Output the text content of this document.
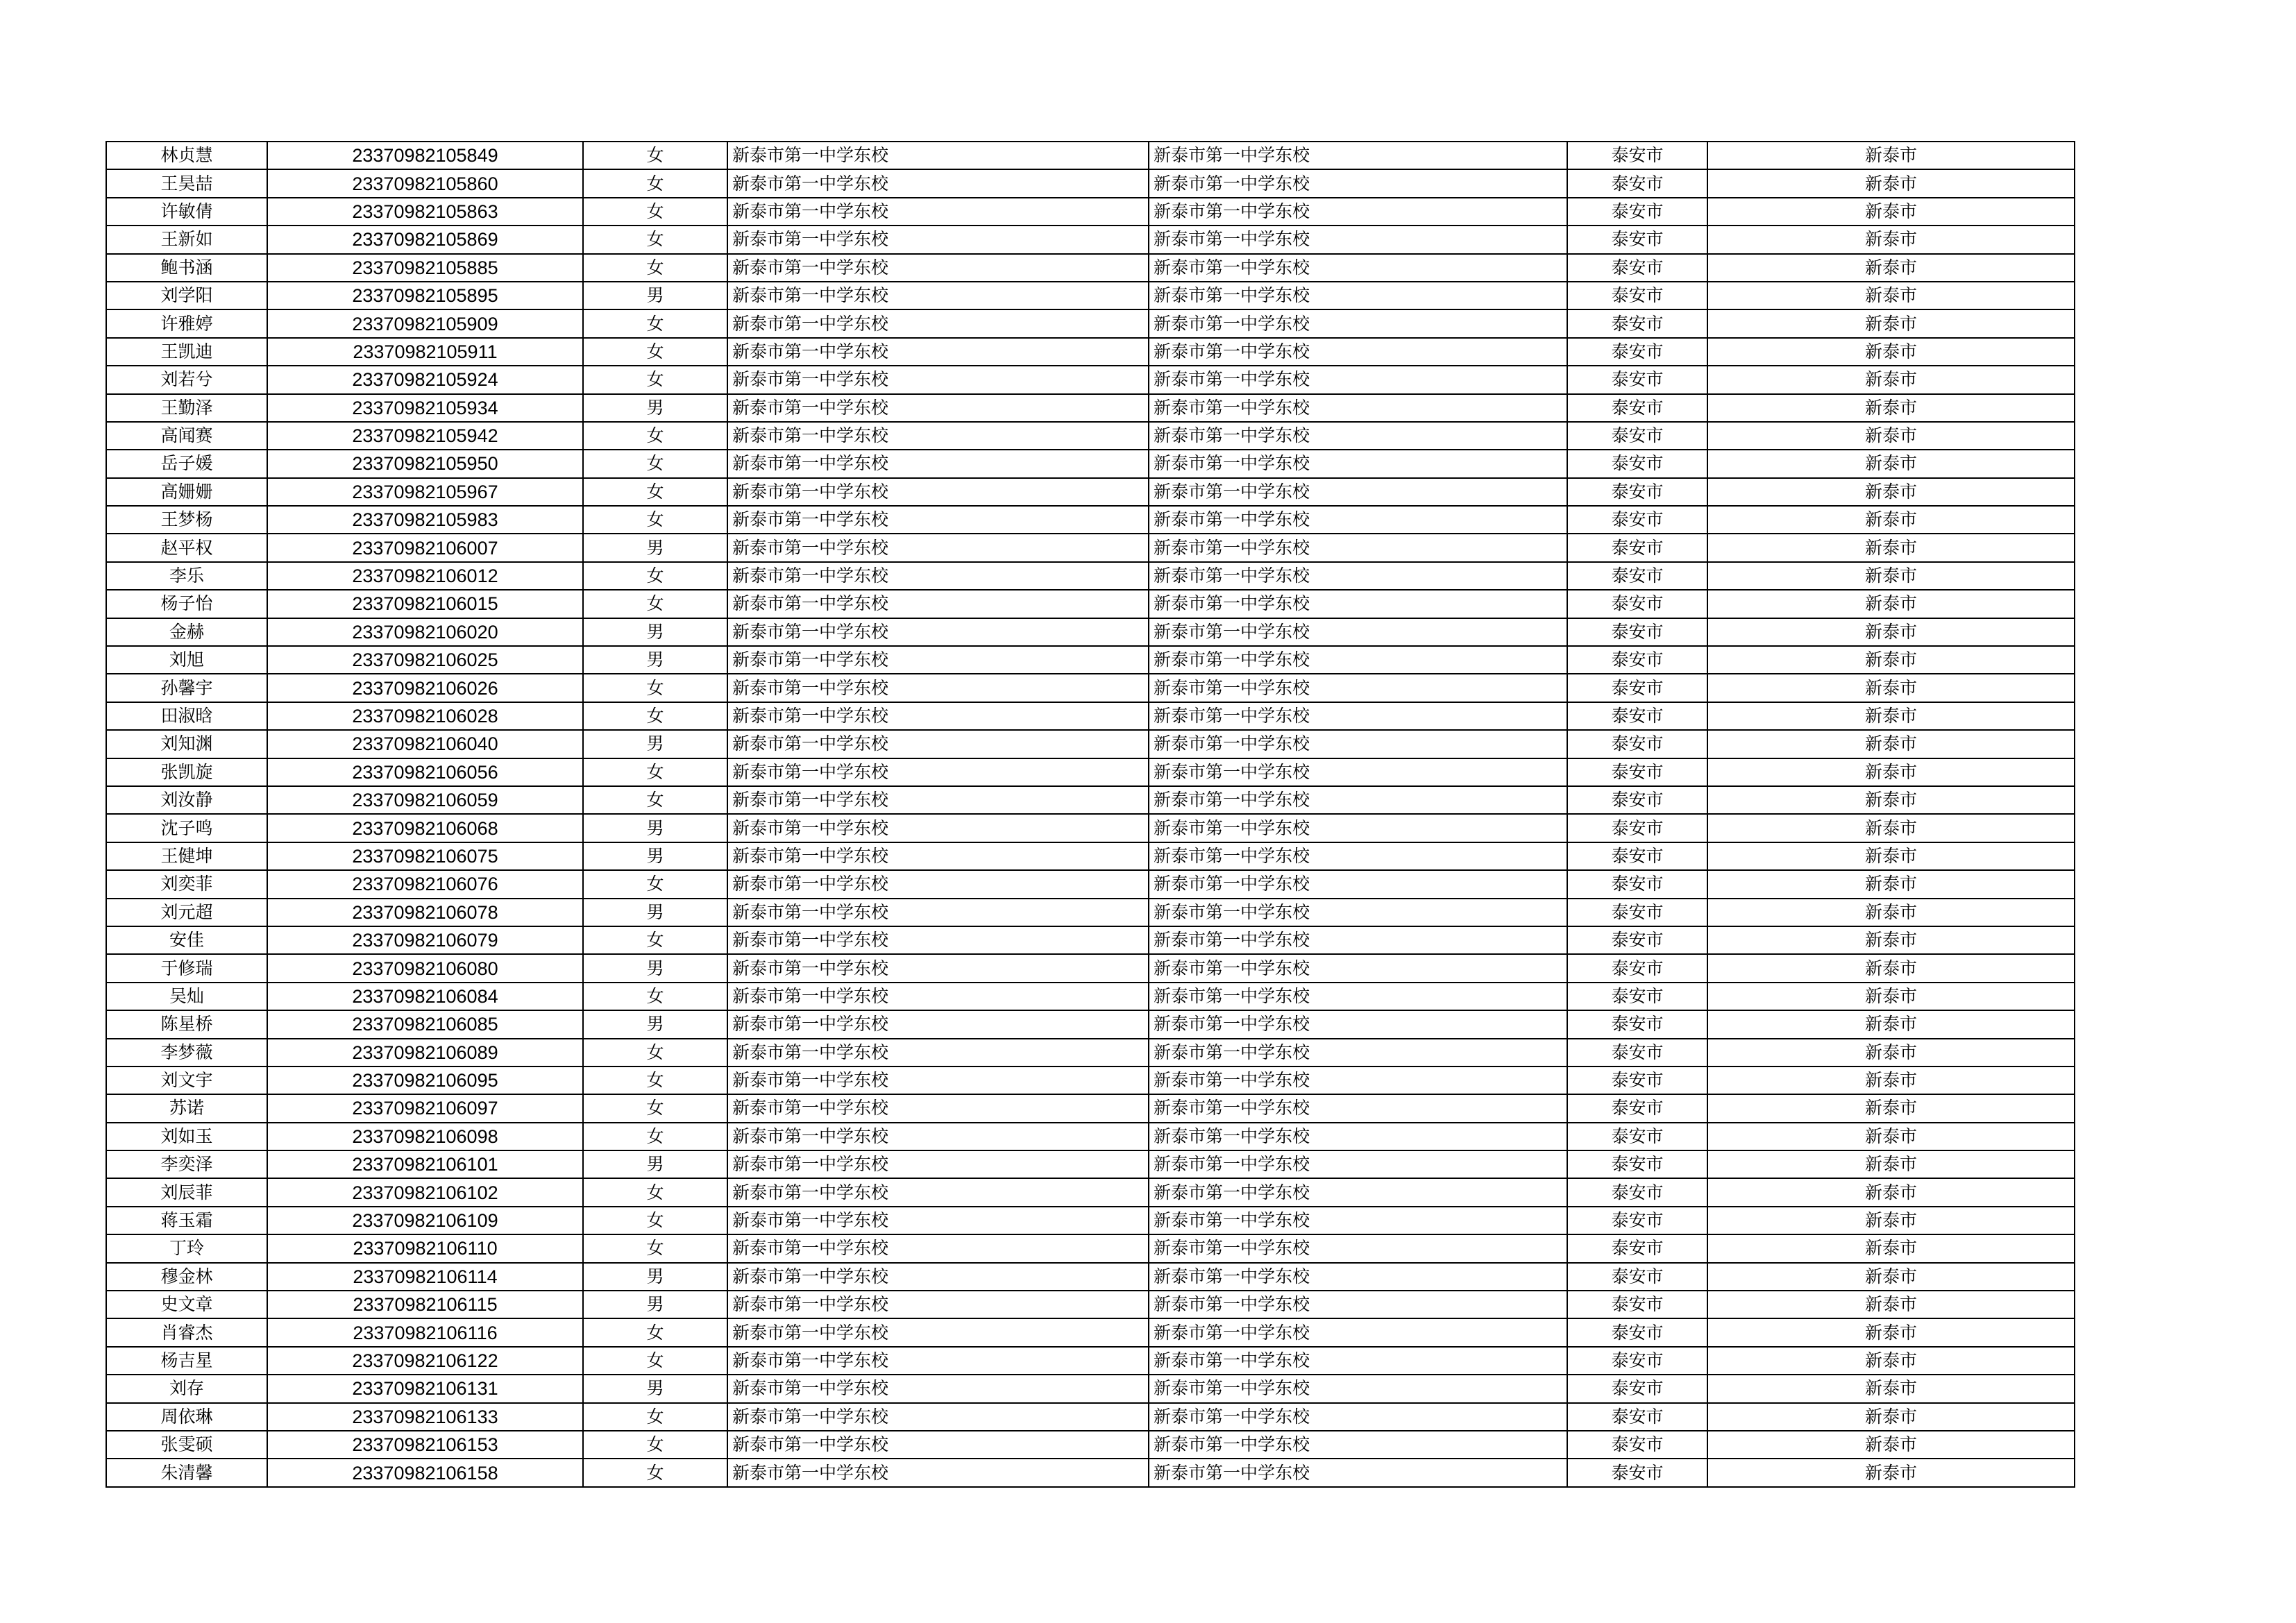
林贞慧	23370982105849	女	新泰市第一中学东校	新泰市第一中学东校	泰安市	新泰市
王昊喆	23370982105860	女	新泰市第一中学东校	新泰市第一中学东校	泰安市	新泰市
许敏倩	23370982105863	女	新泰市第一中学东校	新泰市第一中学东校	泰安市	新泰市
王新如	23370982105869	女	新泰市第一中学东校	新泰市第一中学东校	泰安市	新泰市
鲍书涵	23370982105885	女	新泰市第一中学东校	新泰市第一中学东校	泰安市	新泰市
刘学阳	23370982105895	男	新泰市第一中学东校	新泰市第一中学东校	泰安市	新泰市
许雅婷	23370982105909	女	新泰市第一中学东校	新泰市第一中学东校	泰安市	新泰市
王凯迪	23370982105911	女	新泰市第一中学东校	新泰市第一中学东校	泰安市	新泰市
刘若兮	23370982105924	女	新泰市第一中学东校	新泰市第一中学东校	泰安市	新泰市
王勤泽	23370982105934	男	新泰市第一中学东校	新泰市第一中学东校	泰安市	新泰市
高闻赛	23370982105942	女	新泰市第一中学东校	新泰市第一中学东校	泰安市	新泰市
岳子媛	23370982105950	女	新泰市第一中学东校	新泰市第一中学东校	泰安市	新泰市
高姗姗	23370982105967	女	新泰市第一中学东校	新泰市第一中学东校	泰安市	新泰市
王梦杨	23370982105983	女	新泰市第一中学东校	新泰市第一中学东校	泰安市	新泰市
赵平权	23370982106007	男	新泰市第一中学东校	新泰市第一中学东校	泰安市	新泰市
李乐	23370982106012	女	新泰市第一中学东校	新泰市第一中学东校	泰安市	新泰市
杨子怡	23370982106015	女	新泰市第一中学东校	新泰市第一中学东校	泰安市	新泰市
金赫	23370982106020	男	新泰市第一中学东校	新泰市第一中学东校	泰安市	新泰市
刘旭	23370982106025	男	新泰市第一中学东校	新泰市第一中学东校	泰安市	新泰市
孙馨宇	23370982106026	女	新泰市第一中学东校	新泰市第一中学东校	泰安市	新泰市
田淑晗	23370982106028	女	新泰市第一中学东校	新泰市第一中学东校	泰安市	新泰市
刘知渊	23370982106040	男	新泰市第一中学东校	新泰市第一中学东校	泰安市	新泰市
张凯旋	23370982106056	女	新泰市第一中学东校	新泰市第一中学东校	泰安市	新泰市
刘汝静	23370982106059	女	新泰市第一中学东校	新泰市第一中学东校	泰安市	新泰市
沈子鸣	23370982106068	男	新泰市第一中学东校	新泰市第一中学东校	泰安市	新泰市
王健坤	23370982106075	男	新泰市第一中学东校	新泰市第一中学东校	泰安市	新泰市
刘奕菲	23370982106076	女	新泰市第一中学东校	新泰市第一中学东校	泰安市	新泰市
刘元超	23370982106078	男	新泰市第一中学东校	新泰市第一中学东校	泰安市	新泰市
安佳	23370982106079	女	新泰市第一中学东校	新泰市第一中学东校	泰安市	新泰市
于修瑞	23370982106080	男	新泰市第一中学东校	新泰市第一中学东校	泰安市	新泰市
吴灿	23370982106084	女	新泰市第一中学东校	新泰市第一中学东校	泰安市	新泰市
陈星桥	23370982106085	男	新泰市第一中学东校	新泰市第一中学东校	泰安市	新泰市
李梦薇	23370982106089	女	新泰市第一中学东校	新泰市第一中学东校	泰安市	新泰市
刘文宇	23370982106095	女	新泰市第一中学东校	新泰市第一中学东校	泰安市	新泰市
苏诺	23370982106097	女	新泰市第一中学东校	新泰市第一中学东校	泰安市	新泰市
刘如玉	23370982106098	女	新泰市第一中学东校	新泰市第一中学东校	泰安市	新泰市
李奕泽	23370982106101	男	新泰市第一中学东校	新泰市第一中学东校	泰安市	新泰市
刘辰菲	23370982106102	女	新泰市第一中学东校	新泰市第一中学东校	泰安市	新泰市
蒋玉霜	23370982106109	女	新泰市第一中学东校	新泰市第一中学东校	泰安市	新泰市
丁玲	23370982106110	女	新泰市第一中学东校	新泰市第一中学东校	泰安市	新泰市
穆金林	23370982106114	男	新泰市第一中学东校	新泰市第一中学东校	泰安市	新泰市
史文章	23370982106115	男	新泰市第一中学东校	新泰市第一中学东校	泰安市	新泰市
肖睿杰	23370982106116	女	新泰市第一中学东校	新泰市第一中学东校	泰安市	新泰市
杨吉星	23370982106122	女	新泰市第一中学东校	新泰市第一中学东校	泰安市	新泰市
刘存	23370982106131	男	新泰市第一中学东校	新泰市第一中学东校	泰安市	新泰市
周依琳	23370982106133	女	新泰市第一中学东校	新泰市第一中学东校	泰安市	新泰市
张雯硕	23370982106153	女	新泰市第一中学东校	新泰市第一中学东校	泰安市	新泰市
朱清馨	23370982106158	女	新泰市第一中学东校	新泰市第一中学东校	泰安市	新泰市
